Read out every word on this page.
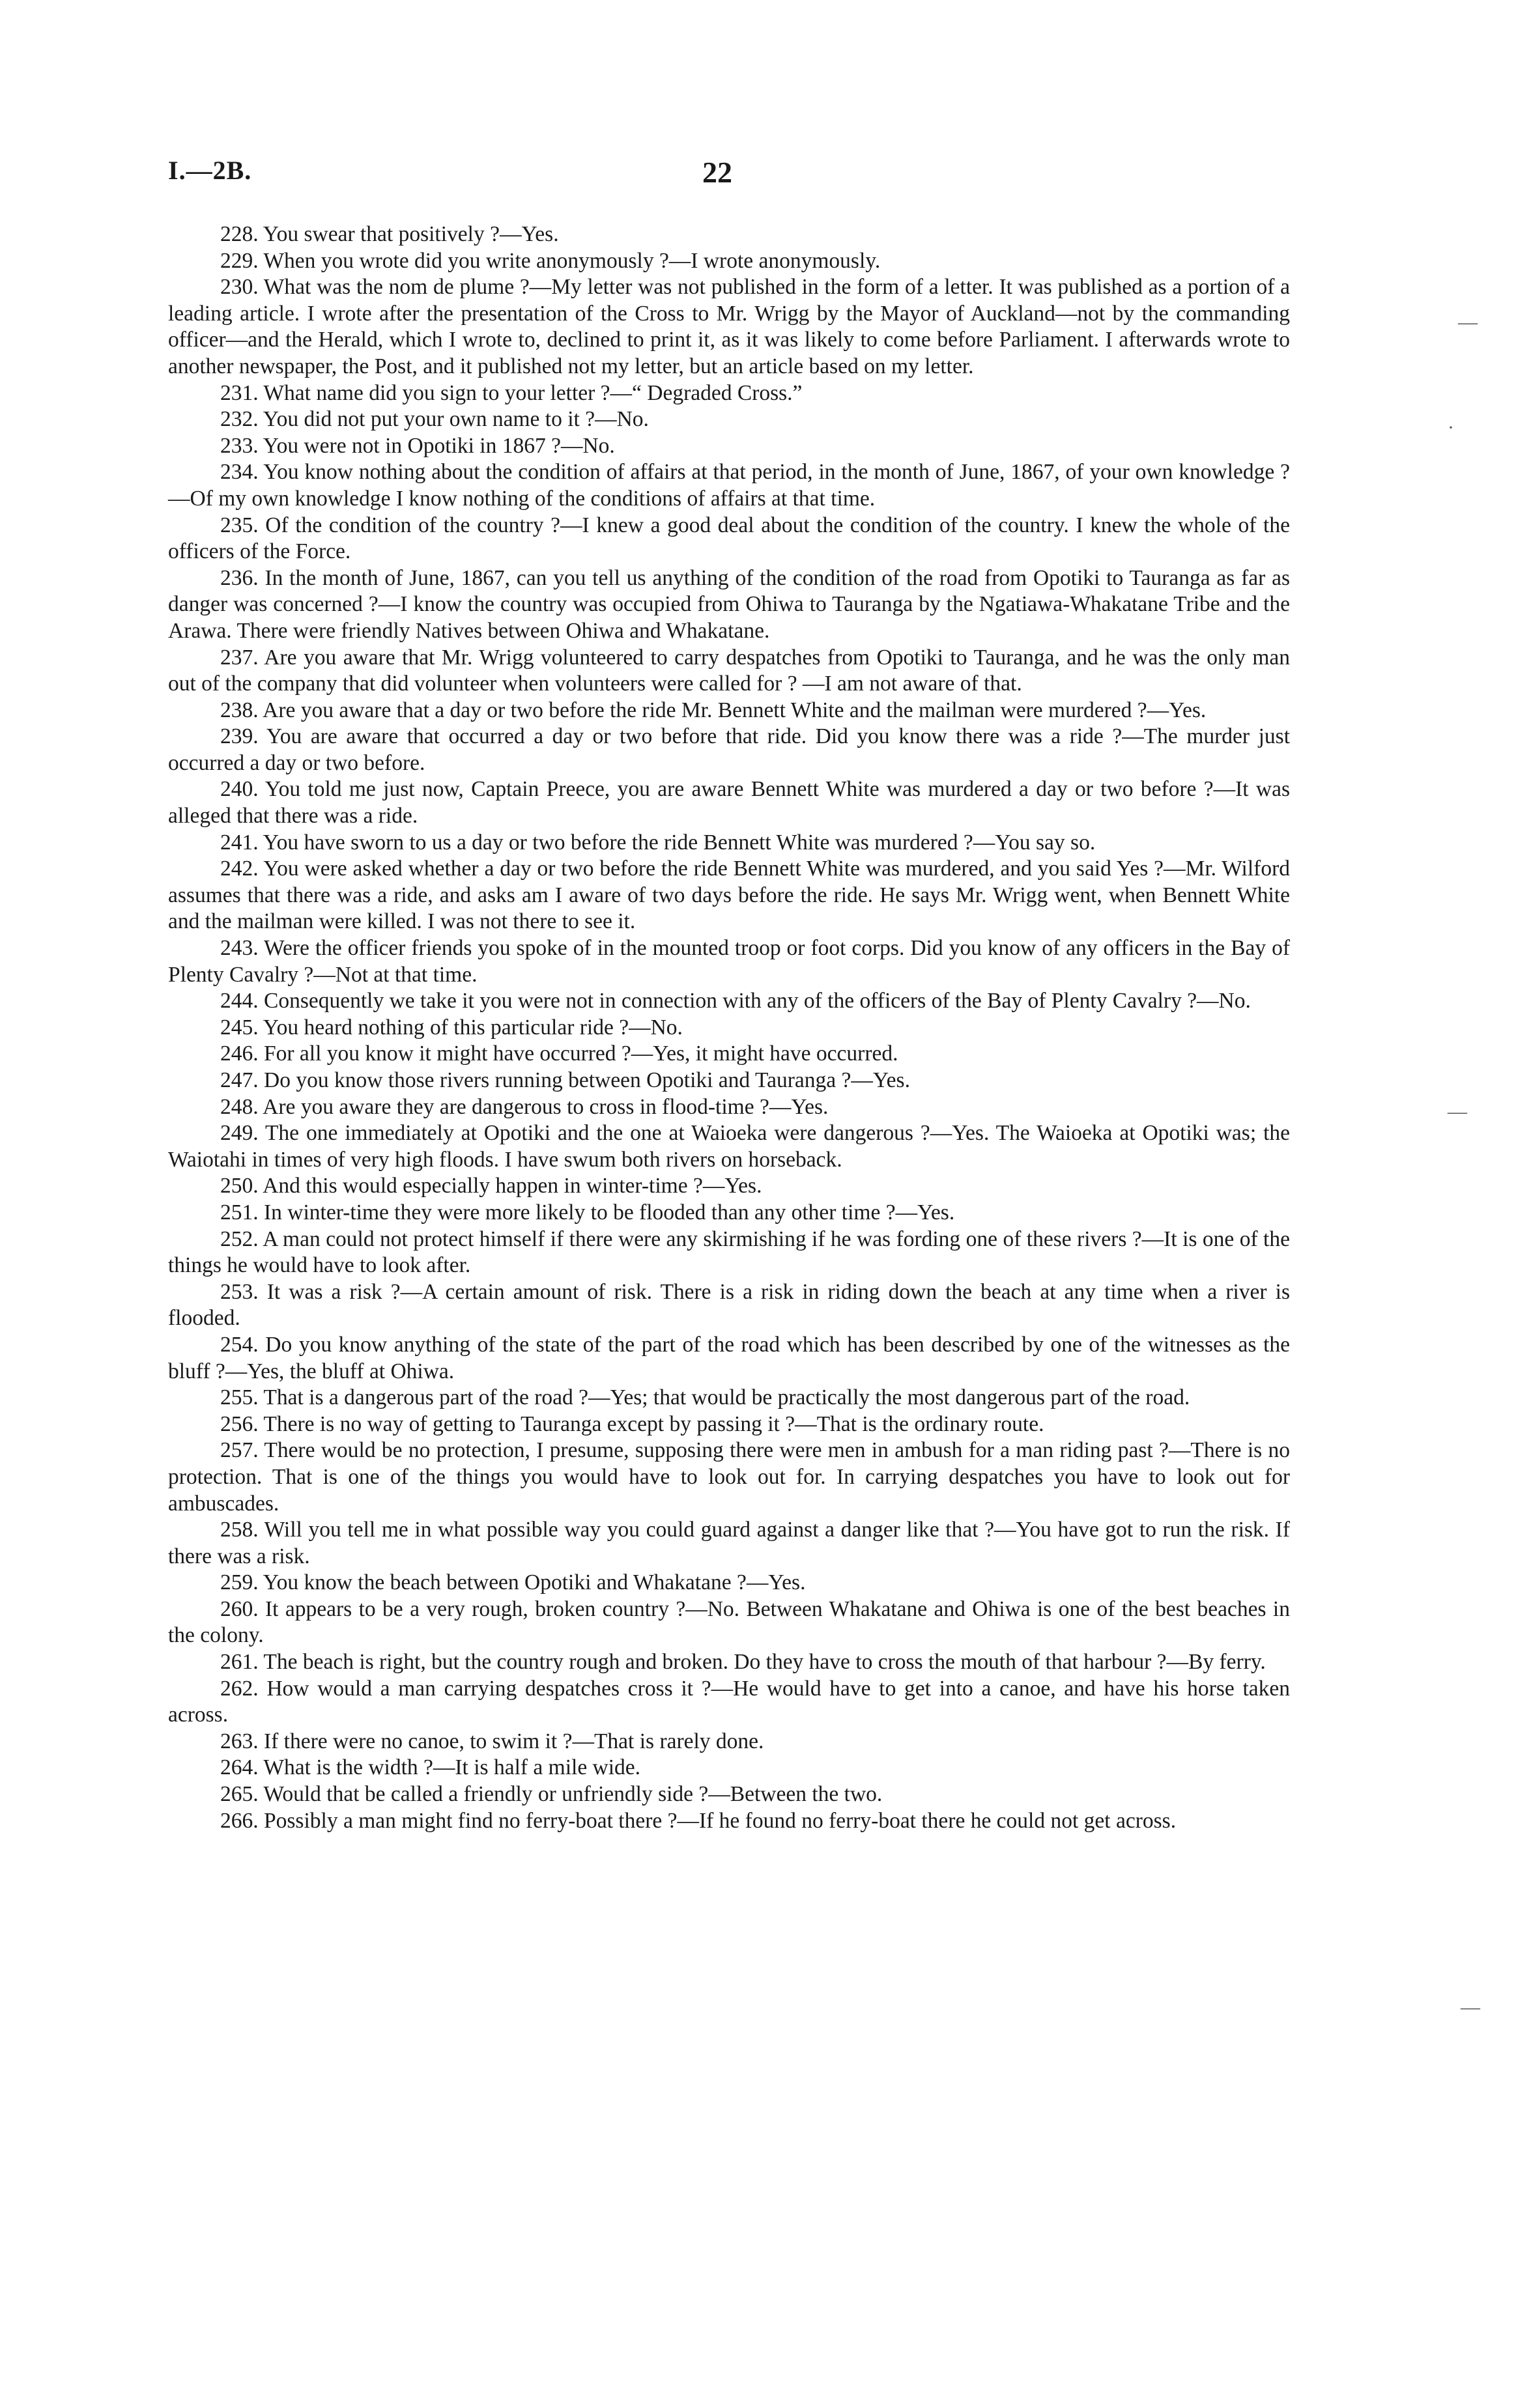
I.—2B.	22

228. You swear that positively ?—Yes.

229. When you wrote did you write anonymously ?—I wrote anonymously.

230. What was the nom de plume ?—My letter was not published in the form of a letter. It was published as a portion of a leading article. I wrote after the presentation of the Cross to Mr. Wrigg by the Mayor of Auckland—not by the commanding officer—and the Herald, which I wrote to, declined to print it, as it was likely to come before Parliament. I afterwards wrote to another newspaper, the Post, and it published not my letter, but an article based on my letter.

231. What name did you sign to your letter ?—“ Degraded Cross.”

232. You did not put your own name to it ?—No.

233. You were not in Opotiki in 1867 ?—No.

234. You know nothing about the condition of affairs at that period, in the month of June, 1867, of your own knowledge ?—Of my own knowledge I know nothing of the conditions of affairs at that time.

235. Of the condition of the country ?—I knew a good deal about the condition of the country. I knew the whole of the officers of the Force.

236. In the month of June, 1867, can you tell us anything of the condition of the road from Opotiki to Tauranga as far as danger was concerned ?—I know the country was occupied from Ohiwa to Tauranga by the Ngatiawa-Whakatane Tribe and the Arawa. There were friendly Natives between Ohiwa and Whakatane.

237. Are you aware that Mr. Wrigg volunteered to carry despatches from Opotiki to Tauranga, and he was the only man out of the company that did volunteer when volunteers were called for ? —I am not aware of that.

238. Are you aware that a day or two before the ride Mr. Bennett White and the mailman were murdered ?—Yes.

239. You are aware that occurred a day or two before that ride. Did you know there was a ride ?—The murder just occurred a day or two before.

240. You told me just now, Captain Preece, you are aware Bennett White was murdered a day or two before ?—It was alleged that there was a ride.

241. You have sworn to us a day or two before the ride Bennett White was murdered ?—You say so.

242. You were asked whether a day or two before the ride Bennett White was murdered, and you said Yes ?—Mr. Wilford assumes that there was a ride, and asks am I aware of two days before the ride. He says Mr. Wrigg went, when Bennett White and the mailman were killed. I was not there to see it.

243. Were the officer friends you spoke of in the mounted troop or foot corps. Did you know of any officers in the Bay of Plenty Cavalry ?—Not at that time.

244. Consequently we take it you were not in connection with any of the officers of the Bay of Plenty Cavalry ?—No.

245. You heard nothing of this particular ride ?—No.

246. For all you know it might have occurred ?—Yes, it might have occurred.

247. Do you know those rivers running between Opotiki and Tauranga ?—Yes.

248. Are you aware they are dangerous to cross in flood-time ?—Yes.

249. The one immediately at Opotiki and the one at Waioeka were dangerous ?—Yes. The Waioeka at Opotiki was; the Waiotahi in times of very high floods. I have swum both rivers on horseback.

250. And this would especially happen in winter-time ?—Yes.

251. In winter-time they were more likely to be flooded than any other time ?—Yes.

252. A man could not protect himself if there were any skirmishing if he was fording one of these rivers ?—It is one of the things he would have to look after.

253. It was a risk ?—A certain amount of risk. There is a risk in riding down the beach at any time when a river is flooded.

254. Do you know anything of the state of the part of the road which has been described by one of the witnesses as the bluff ?—Yes, the bluff at Ohiwa.

255. That is a dangerous part of the road ?—Yes; that would be practically the most dangerous part of the road.

256. There is no way of getting to Tauranga except by passing it ?—That is the ordinary route.

257. There would be no protection, I presume, supposing there were men in ambush for a man riding past ?—There is no protection. That is one of the things you would have to look out for. In carrying despatches you have to look out for ambuscades.

258. Will you tell me in what possible way you could guard against a danger like that ?—You have got to run the risk. If there was a risk.

259. You know the beach between Opotiki and Whakatane ?—Yes.

260. It appears to be a very rough, broken country ?—No. Between Whakatane and Ohiwa is one of the best beaches in the colony.

261. The beach is right, but the country rough and broken. Do they have to cross the mouth of that harbour ?—By ferry.

262. How would a man carrying despatches cross it ?—He would have to get into a canoe, and have his horse taken across.

263. If there were no canoe, to swim it ?—That is rarely done.

264. What is the width ?—It is half a mile wide.

265. Would that be called a friendly or unfriendly side ?—Between the two.

266. Possibly a man might find no ferry-boat there ?—If he found no ferry-boat there he could not get across.

—
·
—
—
